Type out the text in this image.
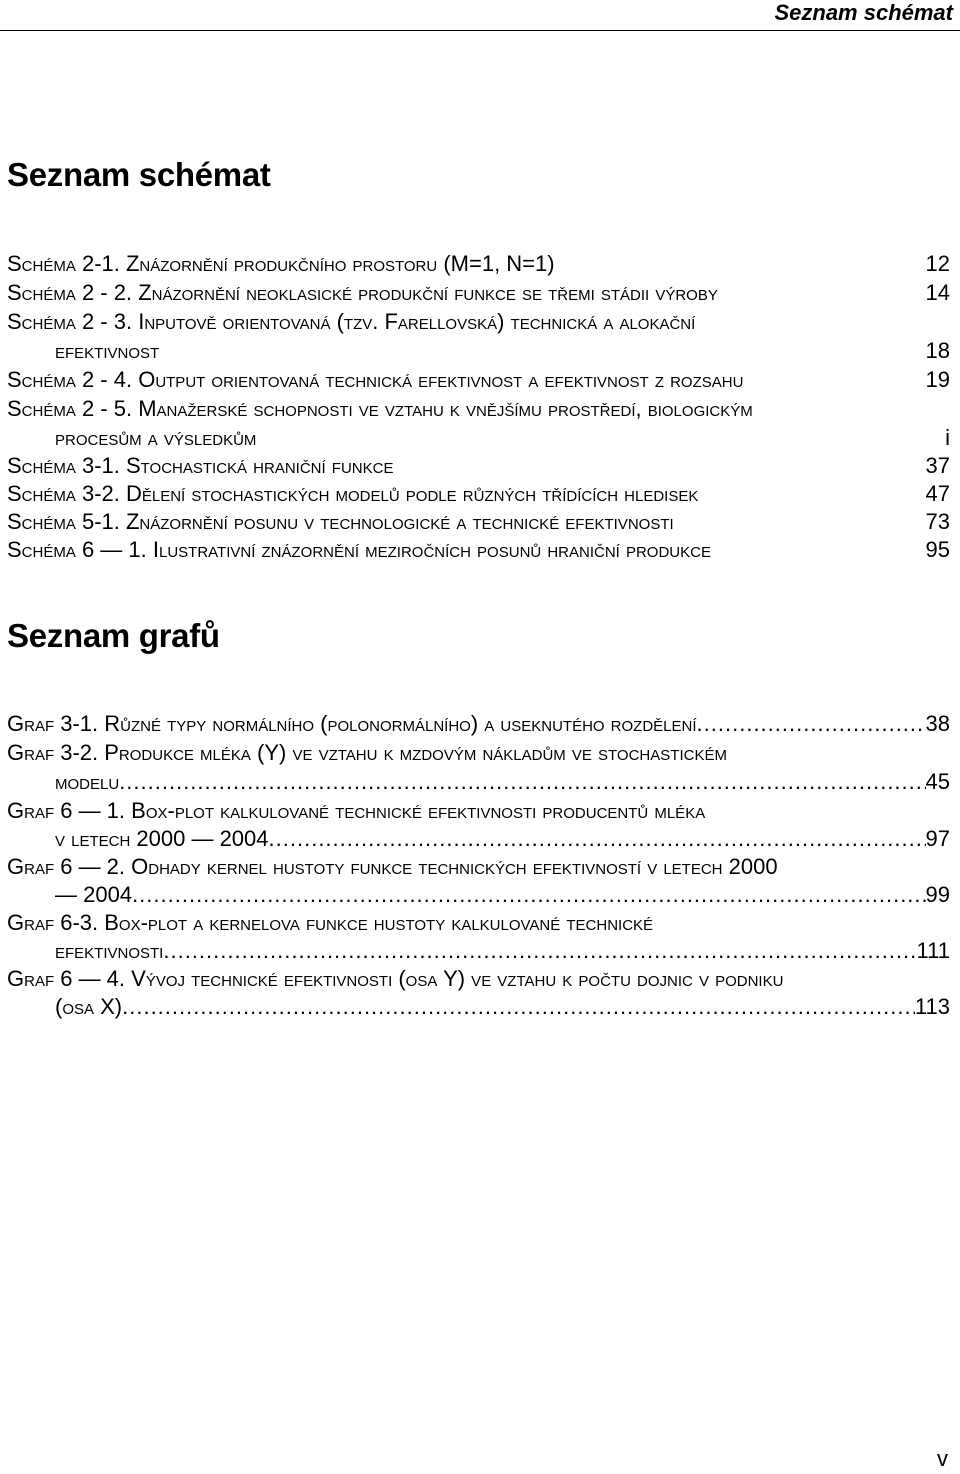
Seznam schémat
Seznam schémat
Schéma 2-1. Znázornění produkčního prostoru (M=1, N=1)	12
Schéma 2 - 2. Znázornění neoklasické produkční funkce se třemi stádii výroby	14
Schéma 2 - 3. Inputově orientovaná (tzv. Farellovská) technická a alokační
efektivnost	18
Schéma 2 - 4. Output orientovaná technická efektivnost a efektivnost z rozsahu	19
Schéma 2 - 5. Manažerské schopnosti ve vztahu k vnějšímu prostředí, biologickým
procesům a výsledkům	i
Schéma 3-1. Stochastická hraniční funkce	37
Schéma 3-2. Dělení stochastických modelů podle různých třídících hledisek	47
Schéma 5-1. Znázornění posunu v technologické a technické efektivnosti	73
Schéma 6 — 1. Ilustrativní znázornění meziročních posunů hraniční produkce	95
Seznam grafů
Graf 3-1. Různé typy normálního (polonormálního) a useknutého rozdělení .....	38
Graf 3-2. Produkce mléka (Y) ve vztahu k mzdovým nákladům ve stochastickém
modelu .....	45
Graf 6 — 1. Box-plot kalkulované technické efektivnosti producentů mléka
v letech 2000 — 2004 .....	97
Graf 6 — 2. Odhady kernel hustoty funkce technických efektivností v letech 2000
— 2004 .....	99
Graf 6-3. Box-plot a kernelova funkce hustoty kalkulované technické
efektivnosti .....	111
Graf 6 — 4. Vývoj technické efektivnosti (osa Y) ve vztahu k počtu dojnic v podniku
(osa X) .....	113
v
